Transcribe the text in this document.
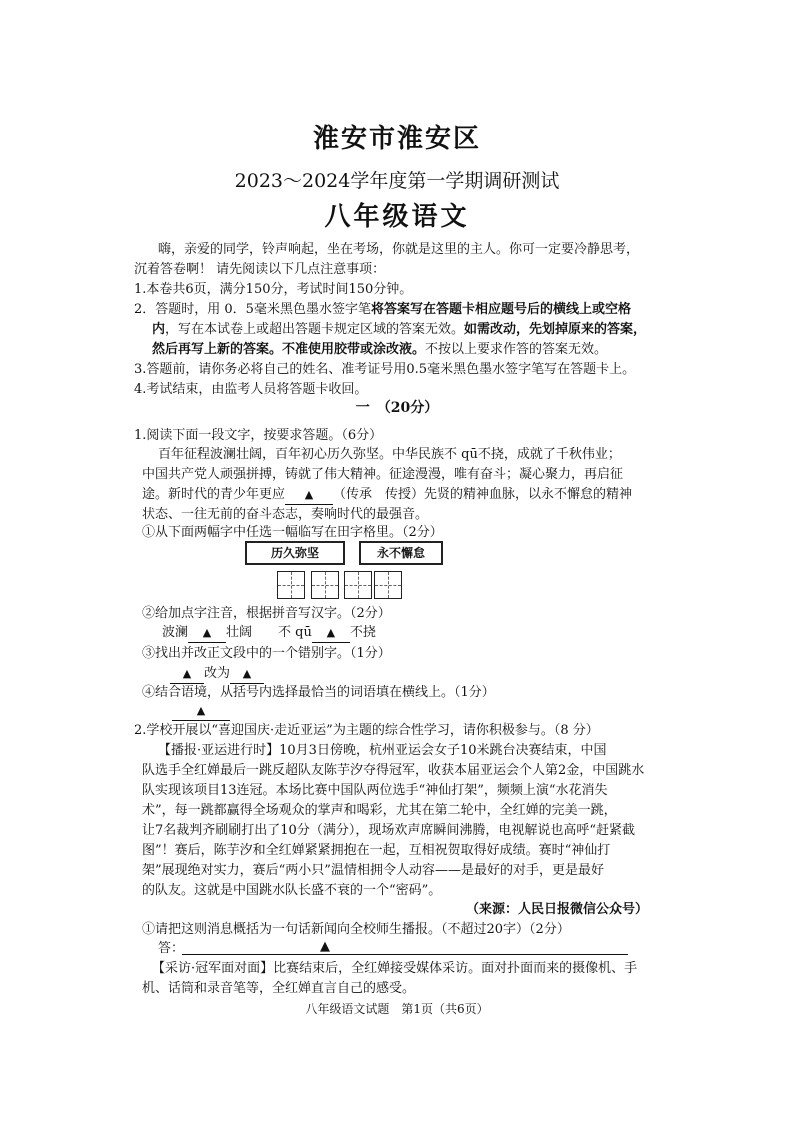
淮安市淮安区
2023～2024学年度第一学期调研测试
八年级语文
嗨，亲爱的同学，铃声响起，坐在考场，你就是这里的主人。你可一定要冷静思考，
沉着答卷啊！ 请先阅读以下几点注意事项：
1.本卷共6页，满分150分，考试时间150分钟。
2．答题时，用 0．5毫米黑色墨水签字笔将答案写在答题卡相应题号后的横线上或空格
内，写在本试卷上或超出答题卡规定区域的答案无效。如需改动，先划掉原来的答案，
然后再写上新的答案。不准使用胶带或涂改液。不按以上要求作答的答案无效。
3.答题前，请你务必将自己的姓名、准考证号用0.5毫米黑色墨水签字笔写在答题卡上。
4.考试结束，由监考人员将答题卡收回。
一　（20分）
1.阅读下面一段文字，按要求答题。（6分）
百年征程波澜壮阔，百年初心历久弥坚。中华民族不 qū不挠，成就了千秋伟业；
中国共产党人顽强拼搏，铸就了伟大精神。征途漫漫，唯有奋斗；凝心聚力，再启征
途。新时代的青少年更应 ▲ （传承　传授）先贤的精神血脉，以永不懈怠的精神
状态、一往无前的奋斗态志，奏响时代的最强音。
①从下面两幅字中任选一幅临写在田字格里。（2分）
历久弥坚	永不懈怠
②给加点字注音，根据拼音写汉字。（2分）
波澜 ▲ 壮阔 不 qū ▲ 不挠
③找出并改正文段中的一个错别字。（1分）
▲ 改为 ▲
④结合语境，从括号内选择最恰当的词语填在横线上。（1分）
▲
2.学校开展以“喜迎国庆·走近亚运”为主题的综合性学习，请你积极参与。（8 分）
【播报·亚运进行时】10月3日傍晚，杭州亚运会女子10米跳台决赛结束，中国
队选手全红婵最后一跳反超队友陈芋汐夺得冠军，收获本届亚运会个人第2金，中国跳水
队实现该项目13连冠。本场比赛中国队两位选手“神仙打架”，频频上演“水花消失
术”，每一跳都赢得全场观众的掌声和喝彩，尤其在第二轮中，全红婵的完美一跳，
让7名裁判齐刷刷打出了10分（满分），现场欢声席瞬间沸腾，电视解说也高呼“赶紧截
图”！赛后，陈芋汐和全红婵紧紧拥抱在一起，互相祝贺取得好成绩。赛时“神仙打
架”展现绝对实力，赛后“两小只”温情相拥令人动容——是最好的对手，更是最好
的队友。这就是中国跳水队长盛不衰的一个“密码”。
（来源：人民日报微信公众号）
①请把这则消息概括为一句话新闻向全校师生播报。（不超过20字）（2分）
答：	▲
【采访·冠军面对面】比赛结束后，全红婵接受媒体采访。面对扑面而来的摄像机、手
机、话筒和录音笔等，全红婵直言自己的感受。
八年级语文试题　第1页（共6页）
